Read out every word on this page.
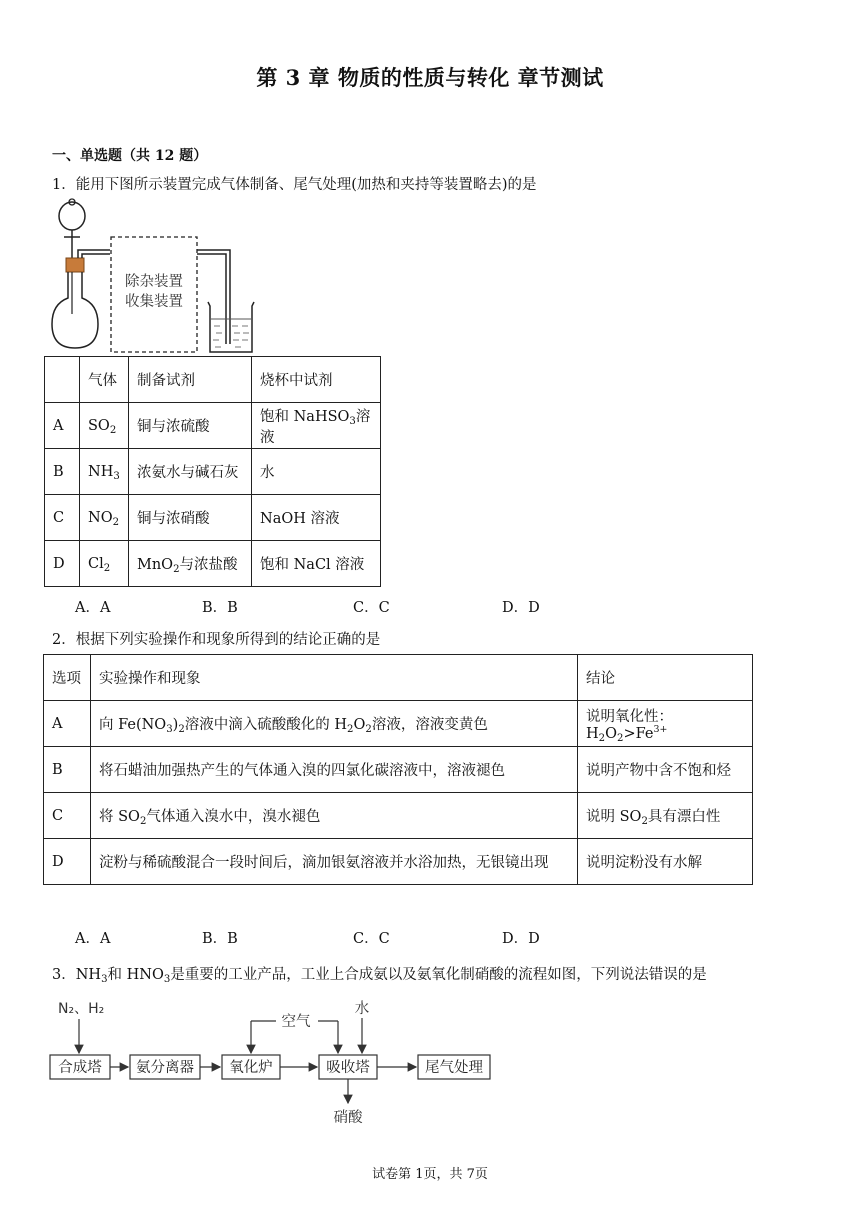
第 3 章 物质的性质与转化 章节测试
一、单选题（共 12 题）
1．能用下图所示装置完成气体制备、尾气处理(加热和夹持等装置略去)的是
除杂装置
收集装置
	气体	制备试剂	烧杯中试剂
A	$SO_2$	铜与浓硫酸	饱和 NaHSO$_3$溶液
B	$NH_3$	浓氨水与碱石灰	水
C	$NO_2$	铜与浓硝酸	NaOH 溶液
D	$Cl_2$	MnO$_2$与浓盐酸	饱和 NaCl 溶液
A．A	B．B	C．C	D．D
2．根据下列实验操作和现象所得到的结论正确的是
选项	实验操作和现象	结论
A	向 $Fe(NO_3)_2$溶液中滴入硫酸酸化的 $H_2O_2$溶液，溶液变黄色	说明氧化性：$H_2O_2>Fe^{3+}$
B	将石蜡油加强热产生的气体通入溴的四氯化碳溶液中，溶液褪色	说明产物中含不饱和烃
C	将 $SO_2$气体通入溴水中，溴水褪色	说明 $SO_2$具有漂白性
D	淀粉与稀硫酸混合一段时间后，滴加银氨溶液并水浴加热，无银镜出现	说明淀粉没有水解
A．A	B．B	C．C	D．D
3．$NH_3$和 $HNO_3$是重要的工业产品，工业上合成氨以及氨氧化制硝酸的流程如图，下列说法错误的是
N₂、H₂
合成塔 氨分离器 氧化炉	吸收塔	尾气处理
空气
水
硝酸
试卷第 1页，共 7页
